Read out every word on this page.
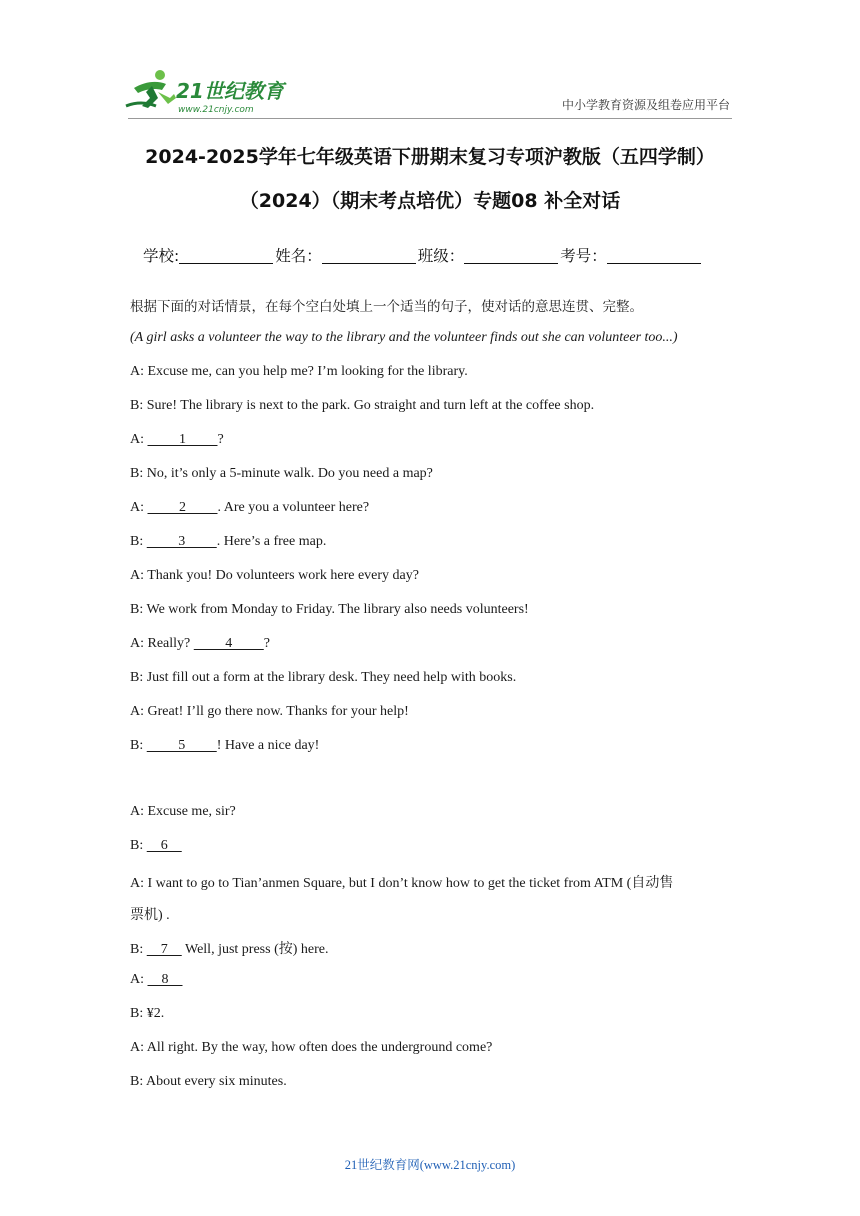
21世纪教育
www.21cnjy.com	中小学教育资源及组卷应用平台
2024-2025学年七年级英语下册期末复习专项沪教版（五四学制）
（2024）（期末考点培优）专题08 补全对话
学校:	姓名：	班级：	考号：
根据下面的对话情景，在每个空白处填上一个适当的句子，使对话的意思连贯、完整。
(A girl asks a volunteer the way to the library and the volunteer finds out she can volunteer too...)
A: Excuse me, can you help me? I’m looking for the library.
B: Sure! The library is next to the park. Go straight and turn left at the coffee shop.
A:          1         ?
B: No, it’s only a 5-minute walk. Do you need a map?
A:          2         . Are you a volunteer here?
B:          3         . Here’s a free map.
A: Thank you! Do volunteers work here every day?
B: We work from Monday to Friday. The library also needs volunteers!
A: Really?          4         ?
B: Just fill out a form at the library desk. They need help with books.
A: Great! I’ll go there now. Thanks for your help!
B:          5         ! Have a nice day!
A: Excuse me, sir?
B:     6
A: I want to go to Tian’anmen Square, but I don’t know how to get the ticket from ATM (自动售
票机) .
B:     7     Well, just press (按) here.
A:     8
B: ¥2.
A: All right. By the way, how often does the underground come?
B: About every six minutes.
21世纪教育网(www.21cnjy.com)
